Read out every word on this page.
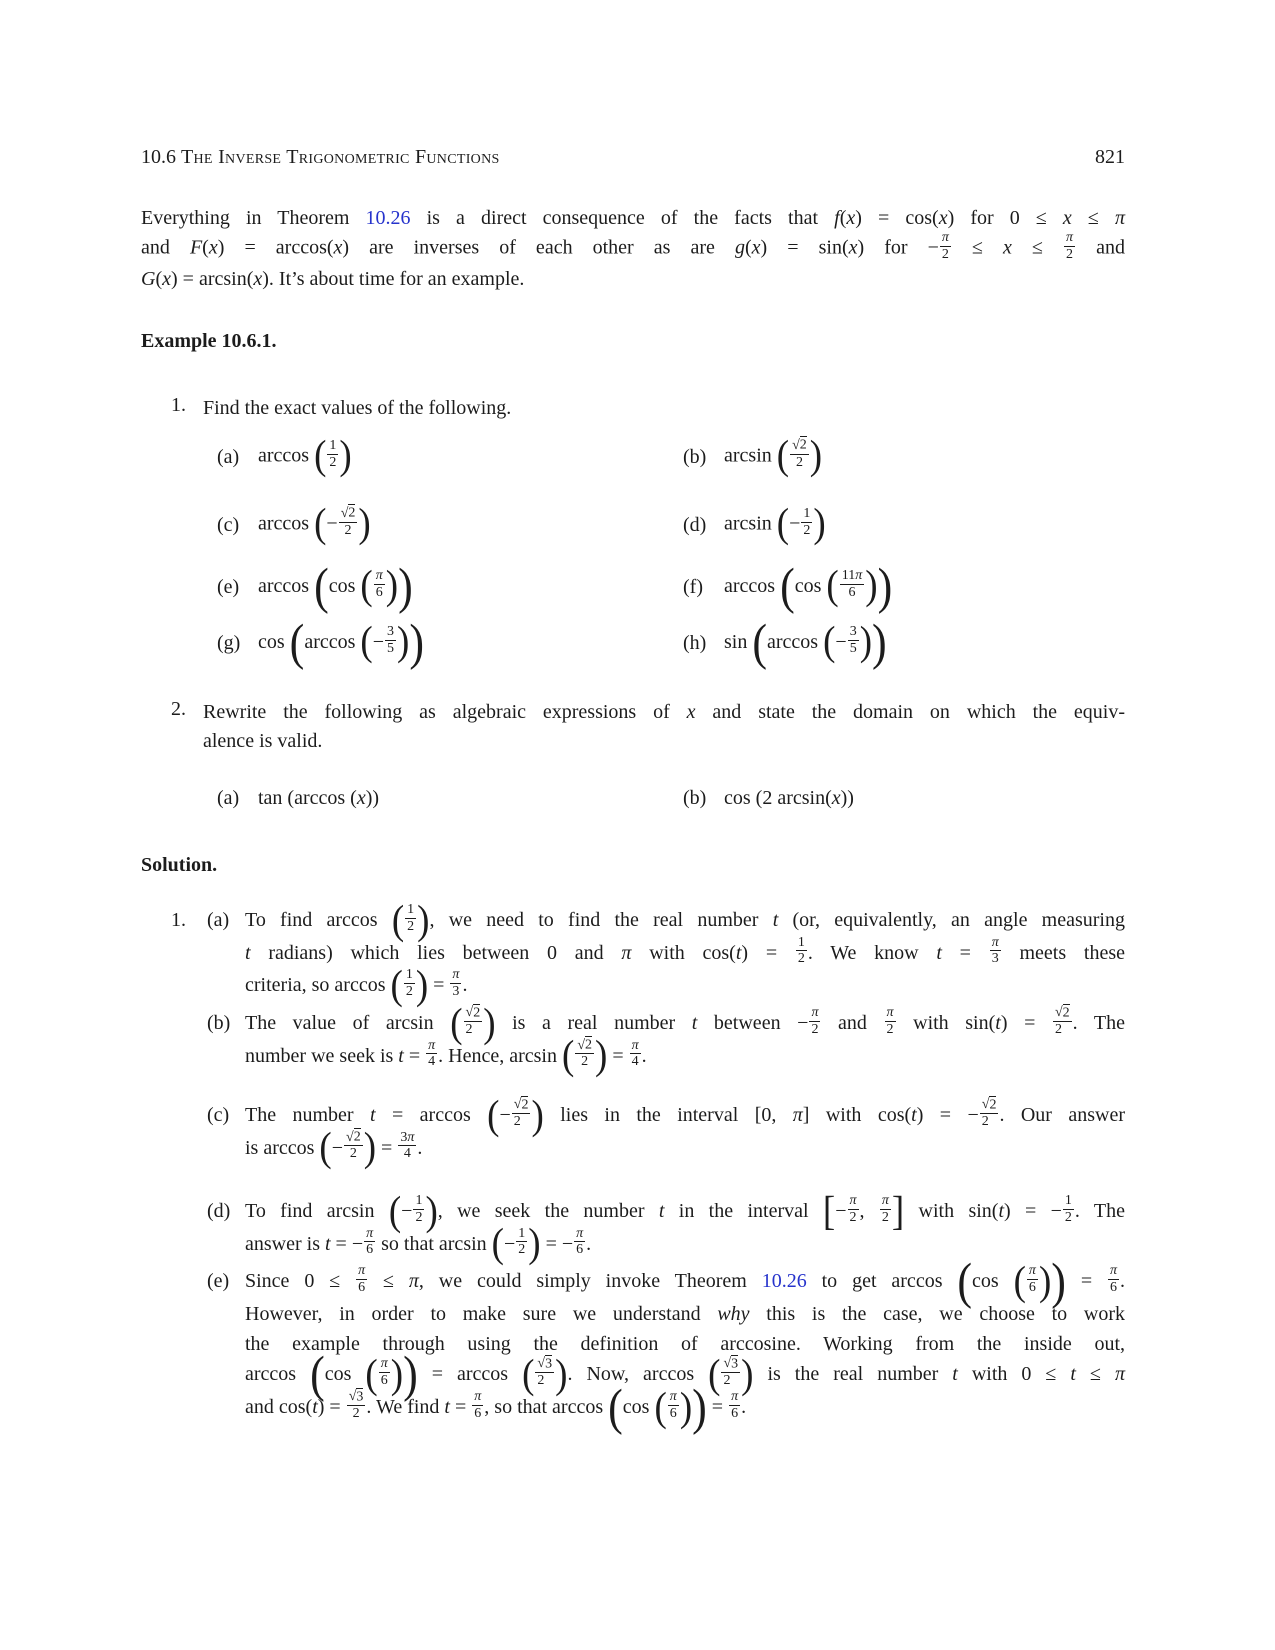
10.6 The Inverse Trigonometric Functions	821
Everything in Theorem 10.26 is a direct consequence of the facts that f(x) = cos(x) for 0 ≤ x ≤ π
and F(x) = arccos(x) are inverses of each other as are g(x) = sin(x) for − $\frac{\pi}{2} \le x \le \frac{\pi}{2}$ and
G(x) = arcsin(x). It’s about time for an example.
Example 10.6.1.
1. Find the exact values of the following.
(a) arccos ( $\frac{1}{2}$ )	(b) arcsin ( $\frac{√2}{2}$ )
(c) arccos (− $\frac{√2}{2}$ )	(d) arcsin (− $\frac{1}{2}$ )
(e) arccos (cos ( $\frac{\pi}{6}$ ))	(f)	arccos (cos ( $\frac{11\pi}{6}$ ))
(g) cos (arccos (− $\frac{3}{5}$ ))	(h) sin (arccos (− $\frac{3}{5}$ ))
2. Rewrite the following as algebraic expressions of x and state the domain on which the equiv-
alence is valid.
(a) tan (arccos (x))	(b) cos (2 arcsin(x))
Solution.
1. (a) To find arccos ( $\frac{1}{2}$ ), we need to find the real number t (or, equivalently, an angle measuring
t radians) which lies between 0 and π with $\cos(t) = \frac{1}{2}$ . We know $t = \frac{\pi}{3}$ meets these
criteria, so arccos ( $\frac{1}{2}$ ) = $\frac{\pi}{3}$ .
(b) The value of arcsin ( $\frac{√2}{2}$ ) is a real number t between − $\frac{\pi}{2}$ and $\frac{\pi}{2}$ with $\sin(t) = \frac{√2}{2}$ . The
number we seek is $t = \frac{\pi}{4}$ . Hence, arcsin ( $\frac{√2}{2}$ ) = $\frac{\pi}{4}$ .
(c) The number t = arccos (− $\frac{√2}{2}$ ) lies in the interval [0, π] with cos(t) = − $\frac{√2}{2}$ . Our answer
is arccos (− $\frac{√2}{2}$ ) = $\frac{3\pi}{4}$ .
(d) To find arcsin (− $\frac{1}{2}$ ), we seek the number t in the interval [− $\frac{\pi}{2}$ , $\frac{\pi}{2}$ ] with sin(t) = − $\frac{1}{2}$ . The
answer is t = − $\frac{\pi}{6}$ so that arcsin (− $\frac{1}{2}$ ) = − $\frac{\pi}{6}$ .
(e) Since $0 \le \frac{\pi}{6} \le \pi$, we could simply invoke Theorem 10.26 to get arccos (cos ( $\frac{\pi}{6}$ )) = $\frac{\pi}{6}$ .
However, in order to make sure we understand why this is the case, we choose to work
the example through using the definition of arccosine. Working from the inside out,
arccos (cos ( $\frac{\pi}{6}$ )) = arccos ( $\frac{√3}{2}$ ). Now, arccos ( $\frac{√3}{2}$ ) is the real number t with 0 ≤ t ≤ π
and $\cos(t) = \frac{√3}{2}$ . We find $t = \frac{\pi}{6}$ , so that arccos (cos ( $\frac{\pi}{6}$ )) = $\frac{\pi}{6}$ .
